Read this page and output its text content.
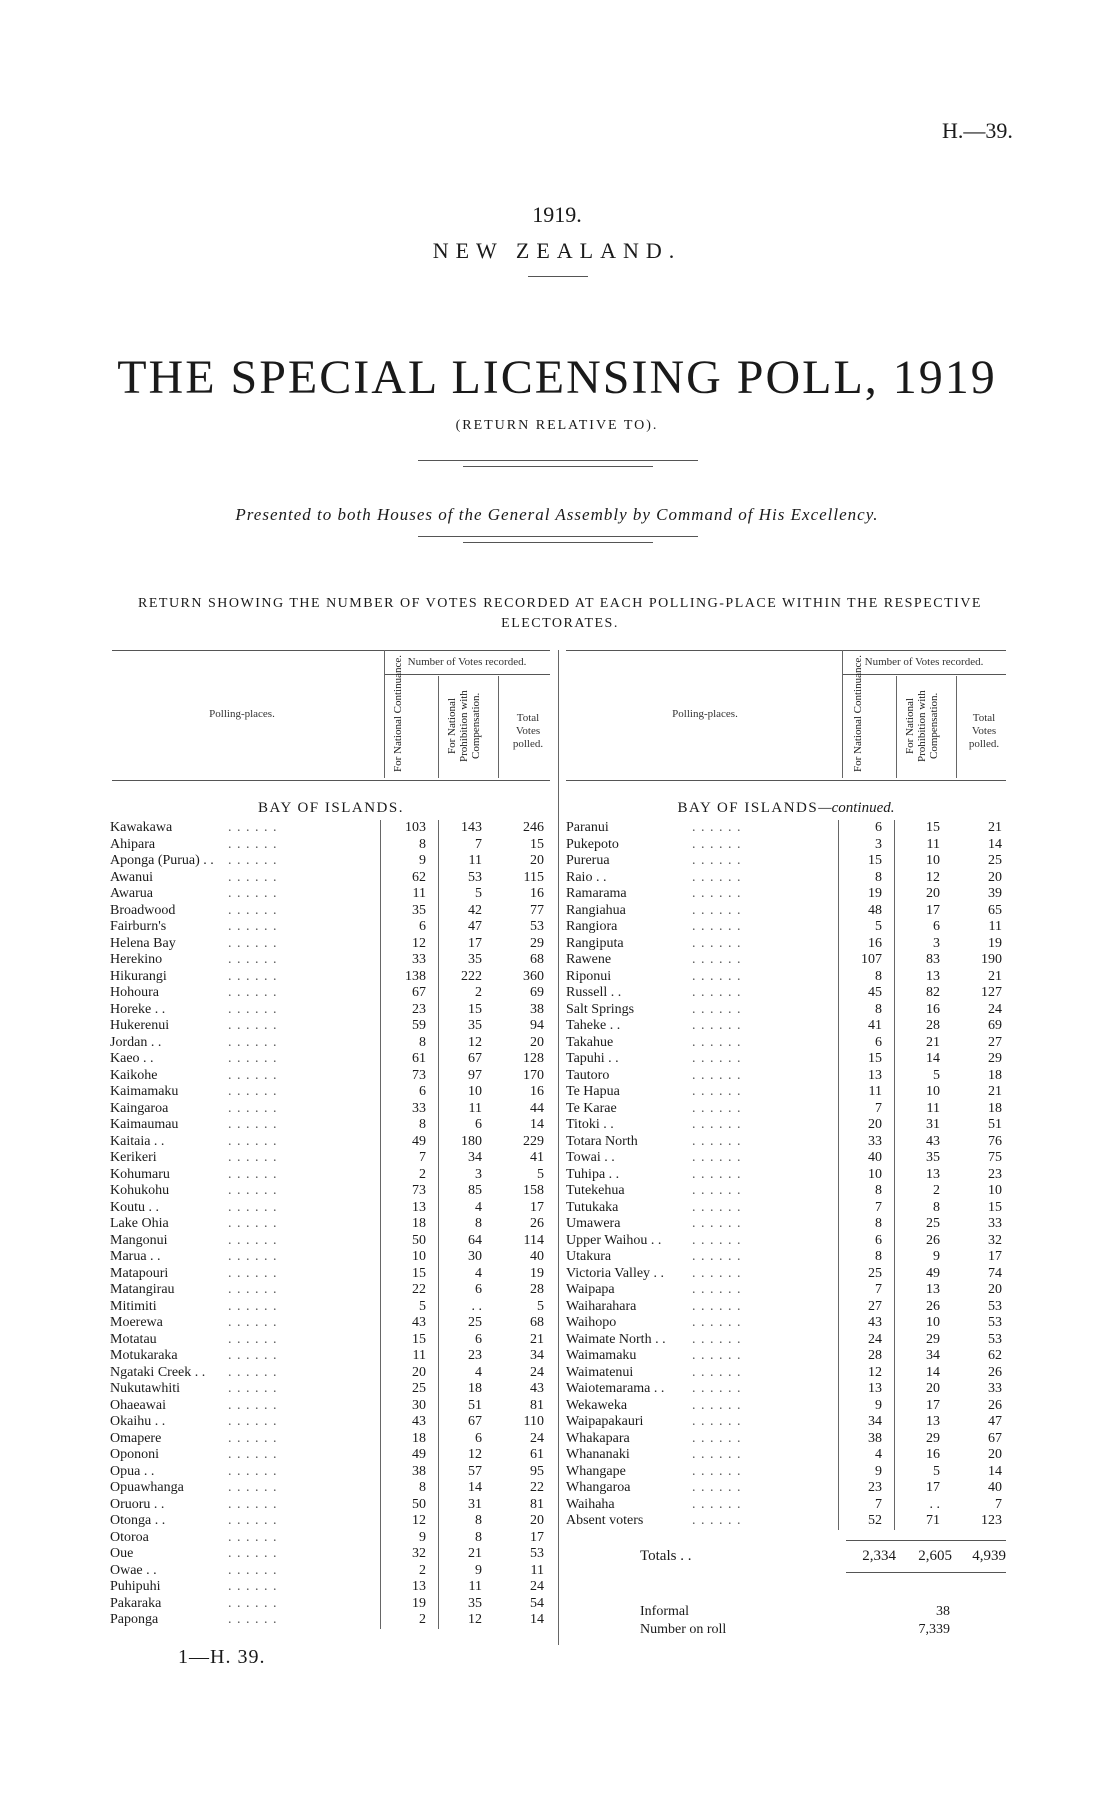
H.—39.
1919.
NEW ZEALAND.
THE SPECIAL LICENSING POLL, 1919
(RETURN RELATIVE TO).
Presented to both Houses of the General Assembly by Command of His Excellency.
RETURN SHOWING THE NUMBER OF VOTES RECORDED AT EACH POLLING-PLACE WITHIN THE RESPECTIVE ELECTORATES.
Polling-places.
Number of Votes recorded.
For National Continuance.	For National Prohibition with Compensation.	Total Votes polled.
Polling-places.
Number of Votes recorded.
For National Continuance.	For National Prohibition with Compensation.	Total Votes polled.
BAY OF ISLANDS.	BAY OF ISLANDS—continued.
Kawakawa	. . . . . .	103	143	246
Ahipara	. . . . . .	8	7	15
Aponga (Purua) . . . . . . . .	9	11	20
Awanui	. . . . . .	62	53	115
Awarua	. . . . . .	11	5	16
Broadwood	. . . . . .	35	42	77
Fairburn's	. . . . . .	6	47	53
Helena Bay	. . . . . .	12	17	29
Herekino	. . . . . .	33	35	68
Hikurangi	. . . . . .	138	222	360
Hohoura	. . . . . .	67	2	69
Horeke . .	. . . . . .	23	15	38
Hukerenui	. . . . . .	59	35	94
Jordan . .	. . . . . .	8	12	20
Kaeo . .	. . . . . .	61	67	128
Kaikohe	. . . . . .	73	97	170
Kaimamaku	. . . . . .	6	10	16
Kaingaroa	. . . . . .	33	11	44
Kaimaumau	. . . . . .	8	6	14
Kaitaia . .	. . . . . .	49	180	229
Kerikeri	. . . . . .	7	34	41
Kohumaru	. . . . . .	2	3	5
Kohukohu	. . . . . .	73	85	158
Koutu . .	. . . . . .	13	4	17
Lake Ohia	. . . . . .	18	8	26
Mangonui	. . . . . .	50	64	114
Marua . .	. . . . . .	10	30	40
Matapouri	. . . . . .	15	4	19
Matangirau	. . . . . .	22	6	28
Mitimiti	. . . . . .	5	. .	5
Moerewa	. . . . . .	43	25	68
Motatau	. . . . . .	15	6	21
Motukaraka	. . . . . .	11	23	34
Ngataki Creek . . . . . . . .	20	4	24
Nukutawhiti	. . . . . .	25	18	43
Ohaeawai	. . . . . .	30	51	81
Okaihu . .	. . . . . .	43	67	110
Omapere	. . . . . .	18	6	24
Opononi	. . . . . .	49	12	61
Opua . .	. . . . . .	38	57	95
Opuawhanga	. . . . . .	8	14	22
Oruoru . .	. . . . . .	50	31	81
Otonga . .	. . . . . .	12	8	20
Otoroa	. . . . . .	9	8	17
Oue	. . . . . .	32	21	53
Owae . .	. . . . . .	2	9	11
Puhipuhi	. . . . . .	13	11	24
Pakaraka	. . . . . .	19	35	54
Paponga	. . . . . .	2	12	14
Paranui	. . . . . .	6	15	21
Pukepoto	. . . . . .	3	11	14
Purerua	. . . . . .	15	10	25
Raio . .	. . . . . .	8	12	20
Ramarama	. . . . . .	19	20	39
Rangiahua	. . . . . .	48	17	65
Rangiora	. . . . . .	5	6	11
Rangiputa	. . . . . .	16	3	19
Rawene	. . . . . .	107	83	190
Riponui	. . . . . .	8	13	21
Russell . .	. . . . . .	45	82	127
Salt Springs	. . . . . .	8	16	24
Taheke . .	. . . . . .	41	28	69
Takahue	. . . . . .	6	21	27
Tapuhi . .	. . . . . .	15	14	29
Tautoro	. . . . . .	13	5	18
Te Hapua	. . . . . .	11	10	21
Te Karae	. . . . . .	7	11	18
Titoki . .	. . . . . .	20	31	51
Totara North	. . . . . .	33	43	76
Towai . .	. . . . . .	40	35	75
Tuhipa . .	. . . . . .	10	13	23
Tutekehua	. . . . . .	8	2	10
Tutukaka	. . . . . .	7	8	15
Umawera	. . . . . .	8	25	33
Upper Waihou . . . . . . . .	6	26	32
Utakura	. . . . . .	8	9	17
Victoria Valley . . . . . . . .	25	49	74
Waipapa	. . . . . .	7	13	20
Waiharahara	. . . . . .	27	26	53
Waihopo	. . . . . .	43	10	53
Waimate North . . . . . . . .	24	29	53
Waimamaku	. . . . . .	28	34	62
Waimatenui	. . . . . .	12	14	26
Waiotemarama . . . . . . . .	13	20	33
Wekaweka	. . . . . .	9	17	26
Waipapakauri	. . . . . .	34	13	47
Whakapara	. . . . . .	38	29	67
Whananaki	. . . . . .	4	16	20
Whangape	. . . . . .	9	5	14
Whangaroa	. . . . . .	23	17	40
Waihaha	. . . . . .	7	. .	7
Absent voters	. . . . . .	52	71	123
Totals . .	2,334	2,605	4,939
Informal	38
Number on roll	7,339
1—H. 39.
